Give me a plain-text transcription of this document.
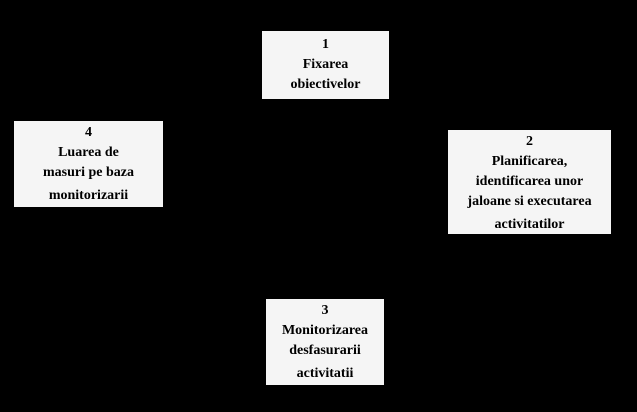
1
Fixarea
obiectivelor
2
Planificarea,
identificarea unor
jaloane si executarea
activitatilor
3
Monitorizarea
desfasurarii
activitatii
4
Luarea de
masuri pe baza
monitorizarii
